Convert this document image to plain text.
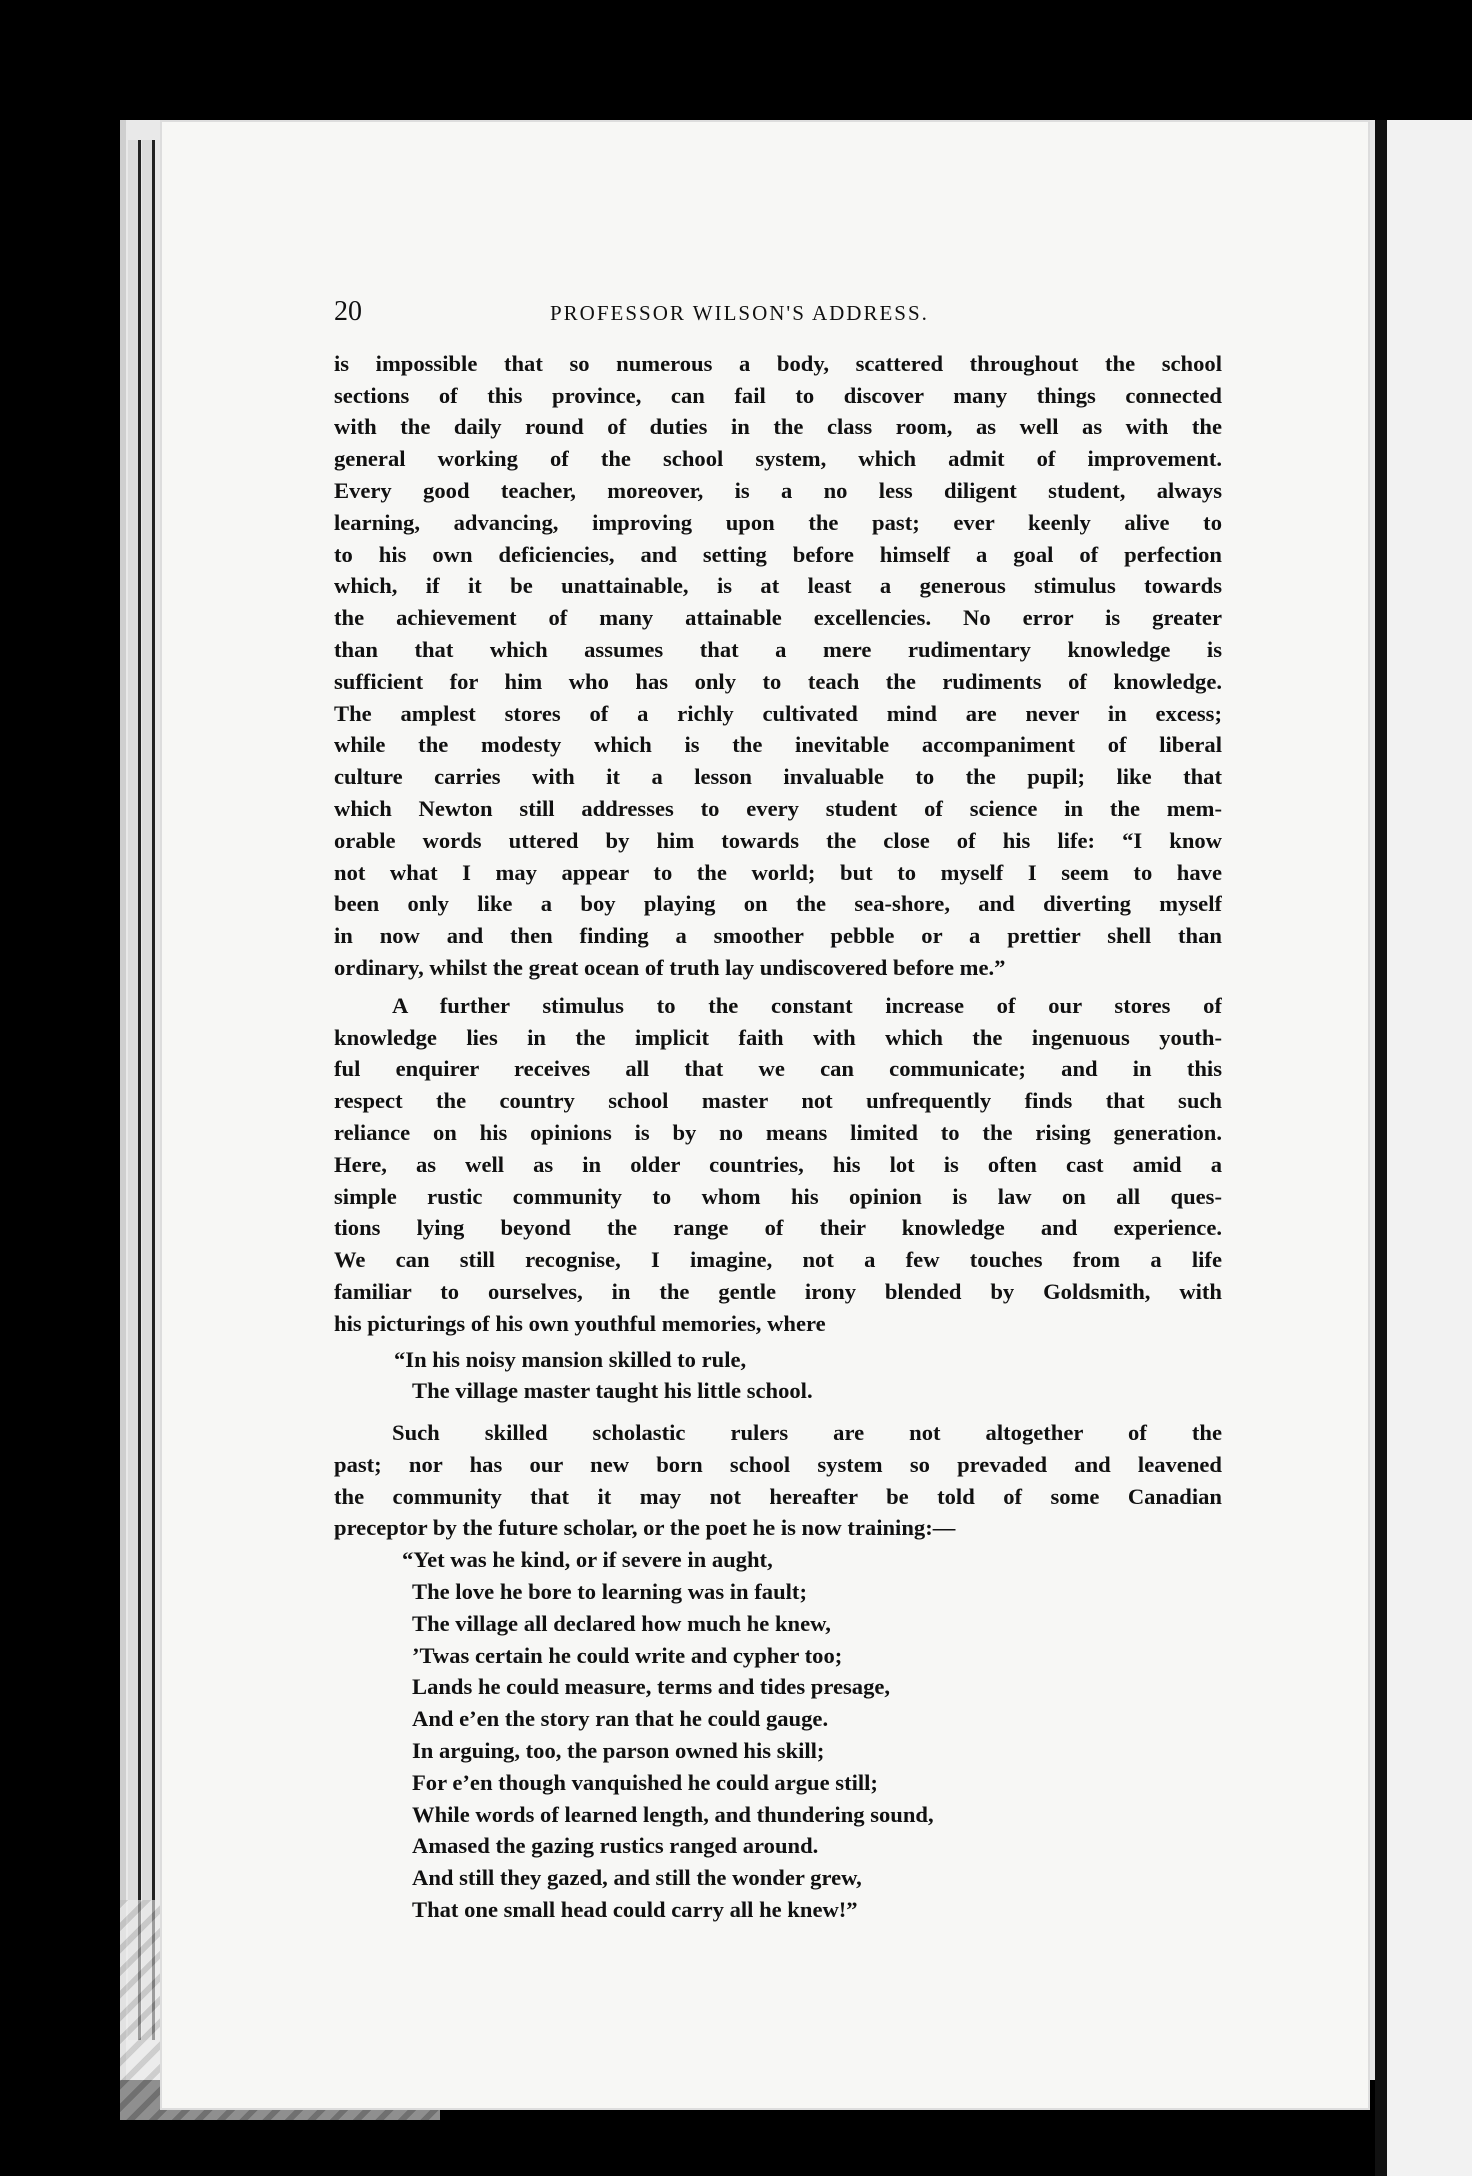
20	PROFESSOR WILSON'S ADDRESS.

is impossible that so numerous a body, scattered throughout the school
sections of this province, can fail to discover many things connected
with the daily round of duties in the class room, as well as with the
general working of the school system, which admit of improvement.
Every good teacher, moreover, is a no less diligent student, always
learning, advancing, improving upon the past; ever keenly alive to
to his own deficiencies, and setting before himself a goal of perfection
which, if it be unattainable, is at least a generous stimulus towards
the achievement of many attainable excellencies. No error is greater
than that which assumes that a mere rudimentary knowledge is
sufficient for him who has only to teach the rudiments of knowledge.
The amplest stores of a richly cultivated mind are never in excess;
while the modesty which is the inevitable accompaniment of liberal
culture carries with it a lesson invaluable to the pupil; like that
which Newton still addresses to every student of science in the mem-
orable words uttered by him towards the close of his life: “I know
not what I may appear to the world; but to myself I seem to have
been only like a boy playing on the sea-shore, and diverting myself
in now and then finding a smoother pebble or a prettier shell than
ordinary, whilst the great ocean of truth lay undiscovered before me.”

A further stimulus to the constant increase of our stores of
knowledge lies in the implicit faith with which the ingenuous youth-
ful enquirer receives all that we can communicate; and in this
respect the country school master not unfrequently finds that such
reliance on his opinions is by no means limited to the rising generation.
Here, as well as in older countries, his lot is often cast amid a
simple rustic community to whom his opinion is law on all ques-
tions lying beyond the range of their knowledge and experience.
We can still recognise, I imagine, not a few touches from a life
familiar to ourselves, in the gentle irony blended by Goldsmith, with
his picturings of his own youthful memories, where

“In his noisy mansion skilled to rule,
The village master taught his little school.

Such skilled scholastic rulers are not altogether of the
past; nor has our new born school system so prevaded and leavened
the community that it may not hereafter be told of some Canadian
preceptor by the future scholar, or the poet he is now training:—

“Yet was he kind, or if severe in aught,
The love he bore to learning was in fault;
The village all declared how much he knew,
’Twas certain he could write and cypher too;
Lands he could measure, terms and tides presage,
And e’en the story ran that he could gauge.
In arguing, too, the parson owned his skill;
For e’en though vanquished he could argue still;
While words of learned length, and thundering sound,
Amased the gazing rustics ranged around.
And still they gazed, and still the wonder grew,
That one small head could carry all he knew!”
